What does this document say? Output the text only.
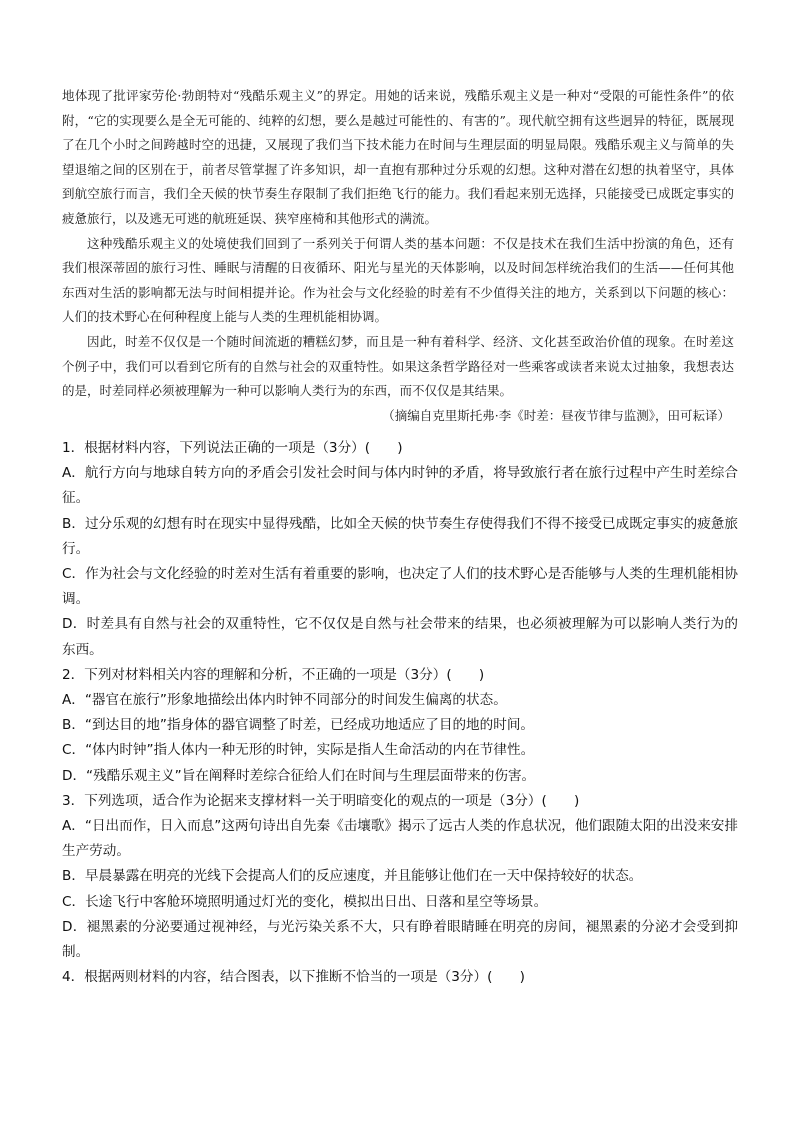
地体现了批评家劳伦·勃朗特对“残酷乐观主义”的界定。用她的话来说，残酷乐观主义是一种对“受限的可能性条件”的依附，“它的实现要么是全无可能的、纯粹的幻想，要么是越过可能性的、有害的”。现代航空拥有这些迥异的特征，既展现了在几个小时之间跨越时空的迅捷，又展现了我们当下技术能力在时间与生理层面的明显局限。残酷乐观主义与简单的失望退缩之间的区别在于，前者尽管掌握了许多知识，却一直抱有那种过分乐观的幻想。这种对潜在幻想的执着坚守，具体到航空旅行而言，我们全天候的快节奏生存限制了我们拒绝飞行的能力。我们看起来别无选择，只能接受已成既定事实的疲惫旅行，以及逃无可逃的航班延误、狭窄座椅和其他形式的满流。

这种残酷乐观主义的处境使我们回到了一系列关于何谓人类的基本问题：不仅是技术在我们生活中扮演的角色，还有我们根深蒂固的旅行习性、睡眠与清醒的日夜循环、阳光与星光的天体影响，以及时间怎样统治我们的生活——任何其他东西对生活的影响都无法与时间相提并论。作为社会与文化经验的时差有不少值得关注的地方，关系到以下问题的核心：人们的技术野心在何种程度上能与人类的生理机能相协调。

因此，时差不仅仅是一个随时间流逝的糟糕幻梦，而且是一种有着科学、经济、文化甚至政治价值的现象。在时差这个例子中，我们可以看到它所有的自然与社会的双重特性。如果这条哲学路径对一些乘客或读者来说太过抽象，我想表达的是，时差同样必须被理解为一种可以影响人类行为的东西，而不仅仅是其结果。

（摘编自克里斯托弗·李《时差：昼夜节律与监测》，田可耘译）

1．根据材料内容，下列说法正确的一项是（3分）(　　)

A．航行方向与地球自转方向的矛盾会引发社会时间与体内时钟的矛盾，将导致旅行者在旅行过程中产生时差综合征。

B．过分乐观的幻想有时在现实中显得残酷，比如全天候的快节奏生存使得我们不得不接受已成既定事实的疲惫旅行。

C．作为社会与文化经验的时差对生活有着重要的影响，也决定了人们的技术野心是否能够与人类的生理机能相协调。

D．时差具有自然与社会的双重特性，它不仅仅是自然与社会带来的结果，也必须被理解为可以影响人类行为的东西。

2．下列对材料相关内容的理解和分析，不正确的一项是（3分）(　　)

A．“器官在旅行”形象地描绘出体内时钟不同部分的时间发生偏离的状态。

B．“到达目的地”指身体的器官调整了时差，已经成功地适应了目的地的时间。

C．“体内时钟”指人体内一种无形的时钟，实际是指人生命活动的内在节律性。

D．“残酷乐观主义”旨在阐释时差综合征给人们在时间与生理层面带来的伤害。

3．下列选项，适合作为论据来支撑材料一关于明暗变化的观点的一项是（3分）(　　)

A．“日出而作，日入而息”这两句诗出自先秦《击壤歌》揭示了远古人类的作息状况，他们跟随太阳的出没来安排生产劳动。

B．早晨暴露在明亮的光线下会提高人们的反应速度，并且能够让他们在一天中保持较好的状态。

C．长途飞行中客舱环境照明通过灯光的变化，模拟出日出、日落和星空等场景。

D．褪黑素的分泌要通过视神经，与光污染关系不大，只有睁着眼睛睡在明亮的房间，褪黑素的分泌才会受到抑制。

4．根据两则材料的内容，结合图表，以下推断不恰当的一项是（3分）(　　)
